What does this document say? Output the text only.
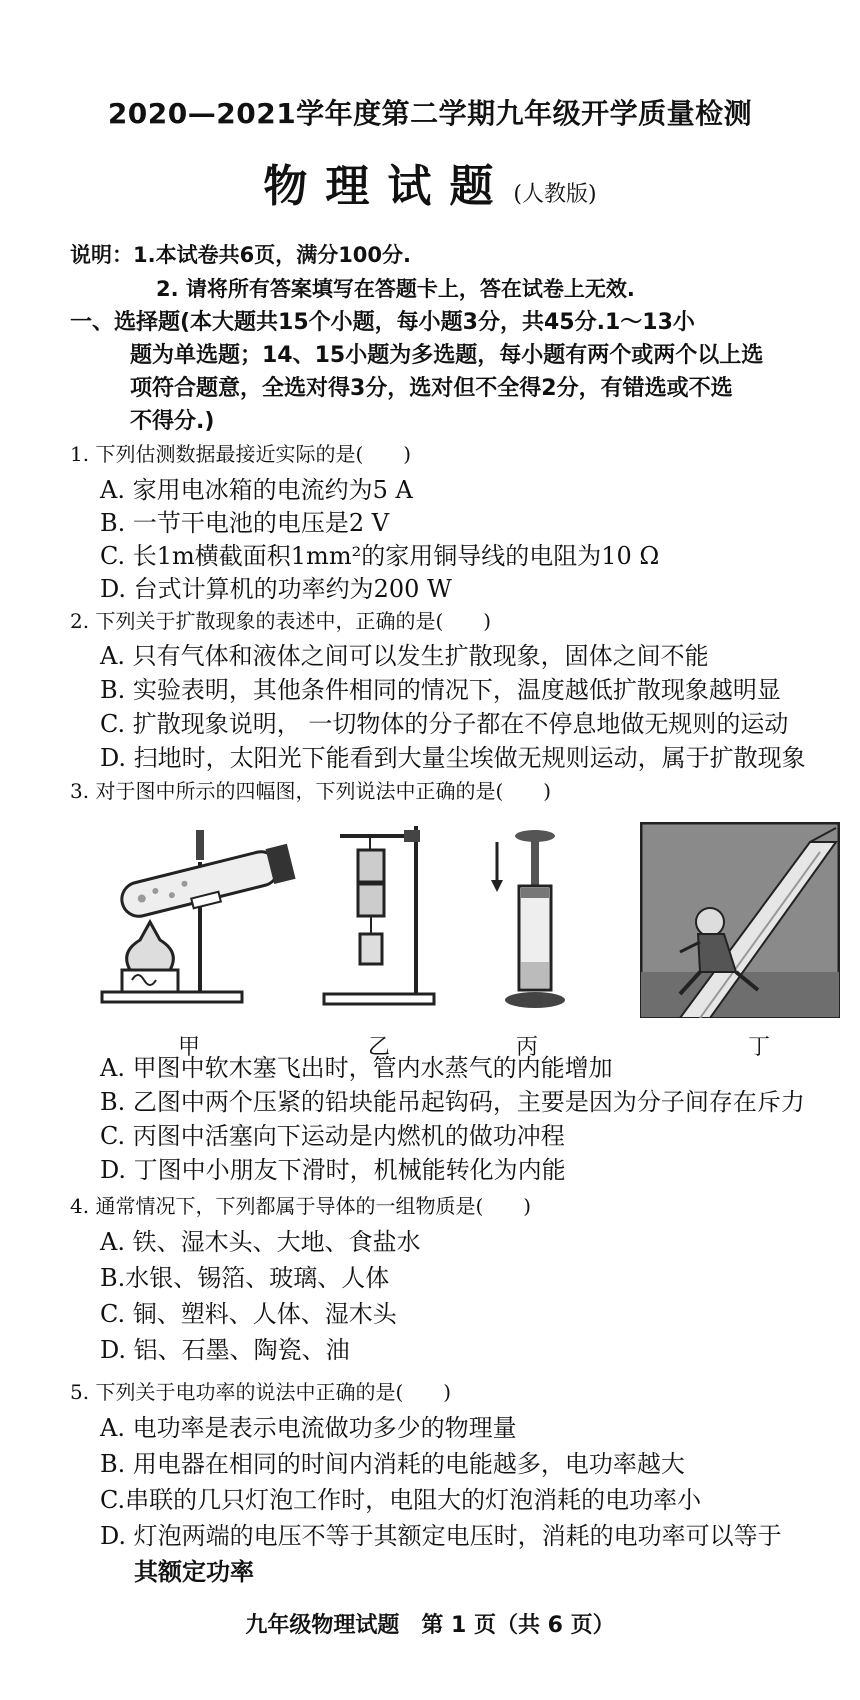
2020—2021学年度第二学期九年级开学质量检测
物理试题(人教版)
说明：1.本试卷共6页，满分100分.
2. 请将所有答案填写在答题卡上，答在试卷上无效.
一、选择题(本大题共15个小题，每小题3分，共45分.1～13小
题为单选题；14、15小题为多选题，每小题有两个或两个以上选
项符合题意，全选对得3分，选对但不全得2分，有错选或不选
不得分.)
1. 下列估测数据最接近实际的是(　　)
A. 家用电冰箱的电流约为5 A
B. 一节干电池的电压是2 V
C. 长1m横截面积1mm²的家用铜导线的电阻为10 Ω
D. 台式计算机的功率约为200 W
2. 下列关于扩散现象的表述中，正确的是(　　)
A. 只有气体和液体之间可以发生扩散现象，固体之间不能
B. 实验表明，其他条件相同的情况下，温度越低扩散现象越明显
C. 扩散现象说明， 一切物体的分子都在不停息地做无规则的运动
D. 扫地时，太阳光下能看到大量尘埃做无规则运动，属于扩散现象
3. 对于图中所示的四幅图，下列说法中正确的是(　　)
甲	乙	丙	丁
A. 甲图中软木塞飞出时，管内水蒸气的内能增加
B. 乙图中两个压紧的铅块能吊起钩码，主要是因为分子间存在斥力
C. 丙图中活塞向下运动是内燃机的做功冲程
D. 丁图中小朋友下滑时，机械能转化为内能
4. 通常情况下，下列都属于导体的一组物质是(　　)
A. 铁、湿木头、大地、食盐水
B.水银、锡箔、玻璃、人体
C. 铜、塑料、人体、湿木头
D. 铝、石墨、陶瓷、油
5. 下列关于电功率的说法中正确的是(　　)
A. 电功率是表示电流做功多少的物理量
B. 用电器在相同的时间内消耗的电能越多，电功率越大
C.串联的几只灯泡工作时，电阻大的灯泡消耗的电功率小
D. 灯泡两端的电压不等于其额定电压时，消耗的电功率可以等于
其额定功率
九年级物理试题　第 1 页（共 6 页）
